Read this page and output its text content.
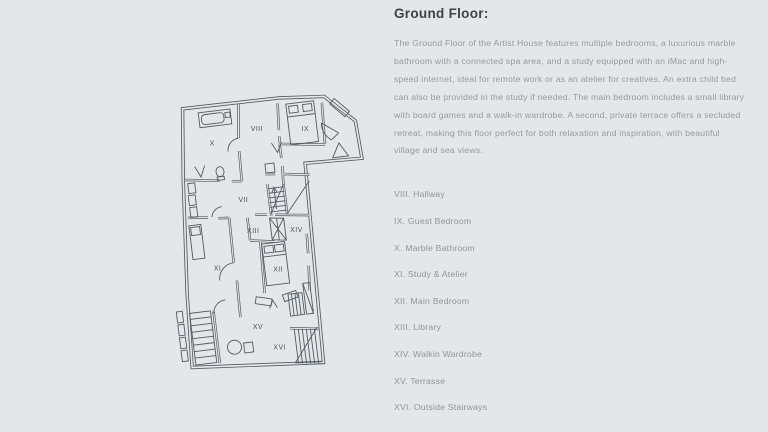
X
VIII	IX
VII
XIII	XIV
XI	XII
XV
XVI
Ground Floor:

The Ground Floor of the Artist House features multiple bedrooms, a luxurious marble bathroom with a connected spa area, and a study equipped with an iMac and high-speed internet, ideal for remote work or as an atelier for creatives. An extra child bed can also be provided in the study if needed. The main bedroom includes a small library with board games and a walk-in wardrobe. A second, private terrace offers a secluded retreat, making this floor perfect for both relaxation and inspiration, with beautiful village and sea views.

VIII. Hallway
IX. Guest Bedroom
X. Marble Bathroom
XI. Study & Atelier
XII. Main Bedroom
XIII. Library
XIV. Walkin Wardrobe
XV. Terrasse
XVI. Outside Stairways
